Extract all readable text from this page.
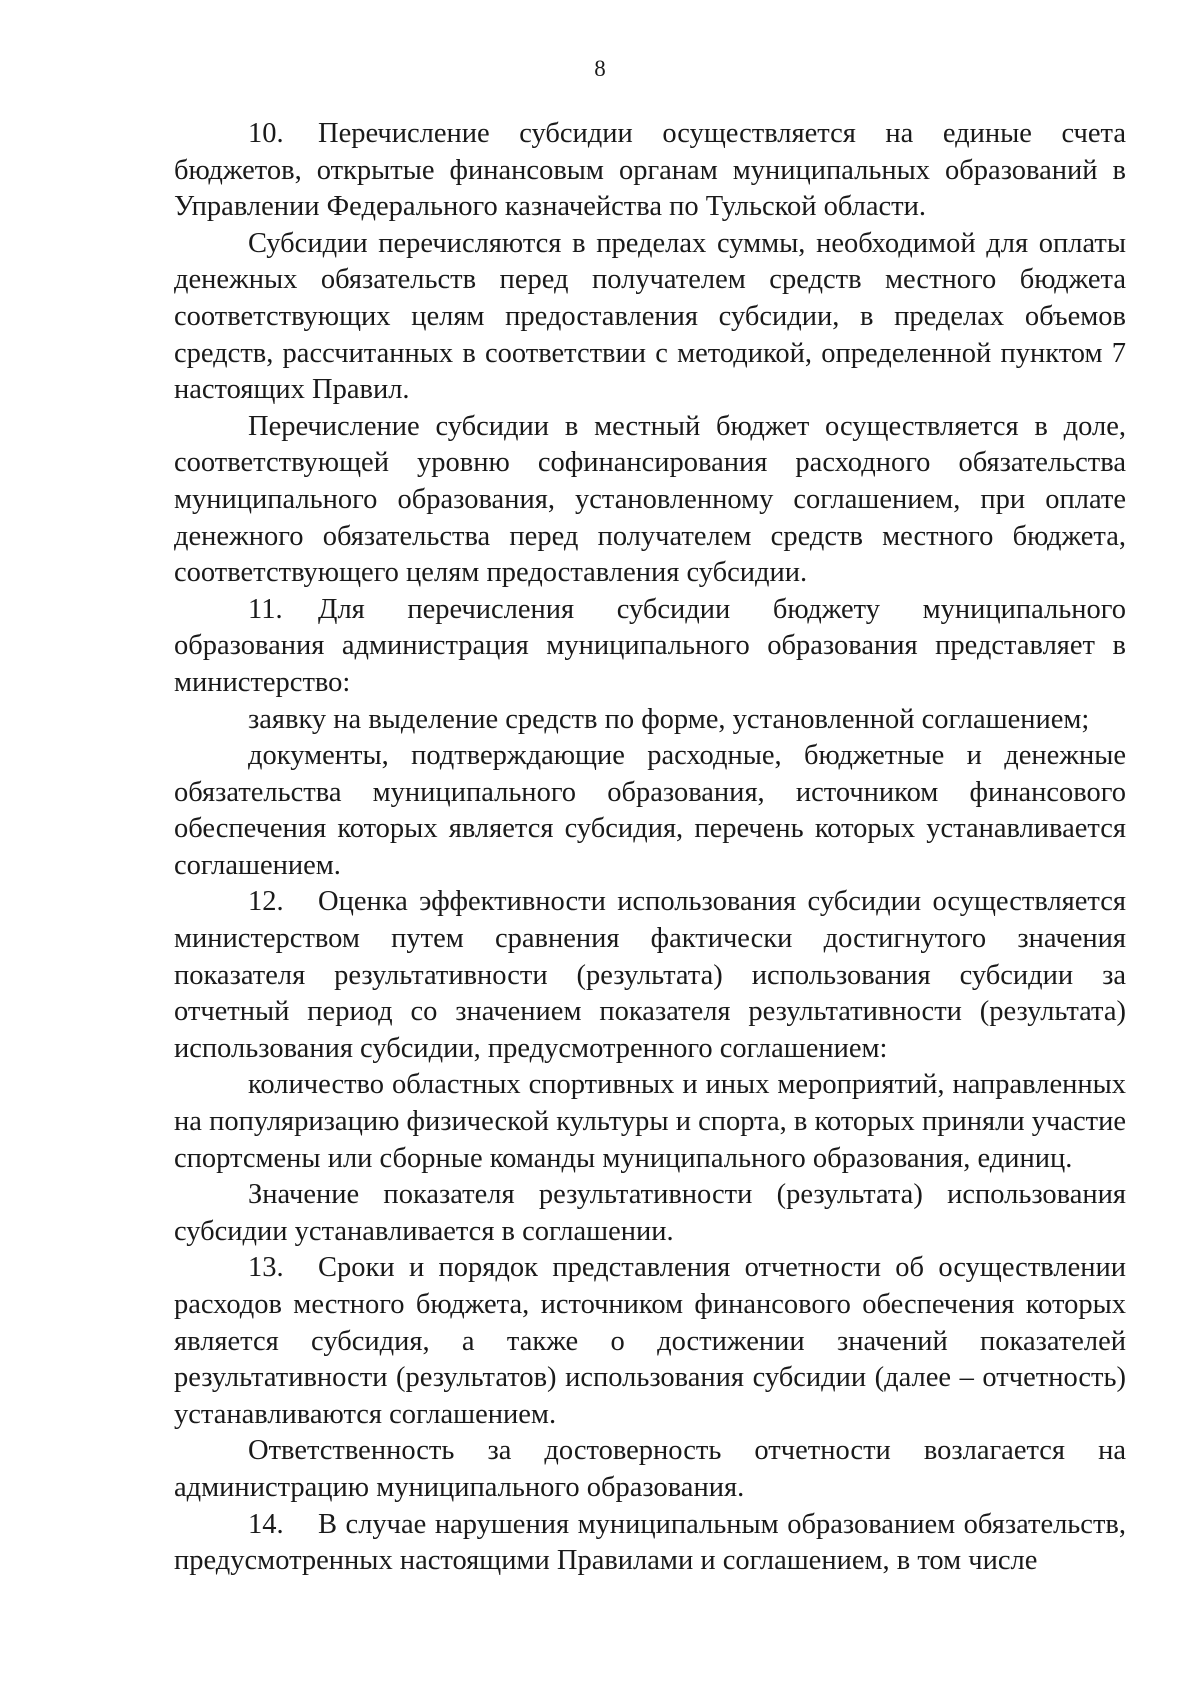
8

10. Перечисление субсидии осуществляется на единые счета бюджетов, открытые финансовым органам муниципальных образований в Управлении Федерального казначейства по Тульской области.

Субсидии перечисляются в пределах суммы, необходимой для оплаты денежных обязательств перед получателем средств местного бюджета соответствующих целям предоставления субсидии, в пределах объемов средств, рассчитанных в соответствии с методикой, определенной пунктом 7 настоящих Правил.

Перечисление субсидии в местный бюджет осуществляется в доле, соответствующей уровню софинансирования расходного обязательства муниципального образования, установленному соглашением, при оплате денежного обязательства перед получателем средств местного бюджета, соответствующего целям предоставления субсидии.

11. Для перечисления субсидии бюджету муниципального образования администрация муниципального образования представляет в министерство:

заявку на выделение средств по форме, установленной соглашением;

документы, подтверждающие расходные, бюджетные и денежные обязательства муниципального образования, источником финансового обеспечения которых является субсидия, перечень которых устанавливается соглашением.

12. Оценка эффективности использования субсидии осуществляется министерством путем сравнения фактически достигнутого значения показателя результативности (результата) использования субсидии за отчетный период со значением показателя результативности (результата) использования субсидии, предусмотренного соглашением:

количество областных спортивных и иных мероприятий, направленных на популяризацию физической культуры и спорта, в которых приняли участие спортсмены или сборные команды муниципального образования, единиц.

Значение показателя результативности (результата) использования субсидии устанавливается в соглашении.

13. Сроки и порядок представления отчетности об осуществлении расходов местного бюджета, источником финансового обеспечения которых является субсидия, а также о достижении значений показателей результативности (результатов) использования субсидии (далее – отчетность) устанавливаются соглашением.

Ответственность за достоверность отчетности возлагается на администрацию муниципального образования.

14. В случае нарушения муниципальным образованием обязательств, предусмотренных настоящими Правилами и соглашением, в том числе
